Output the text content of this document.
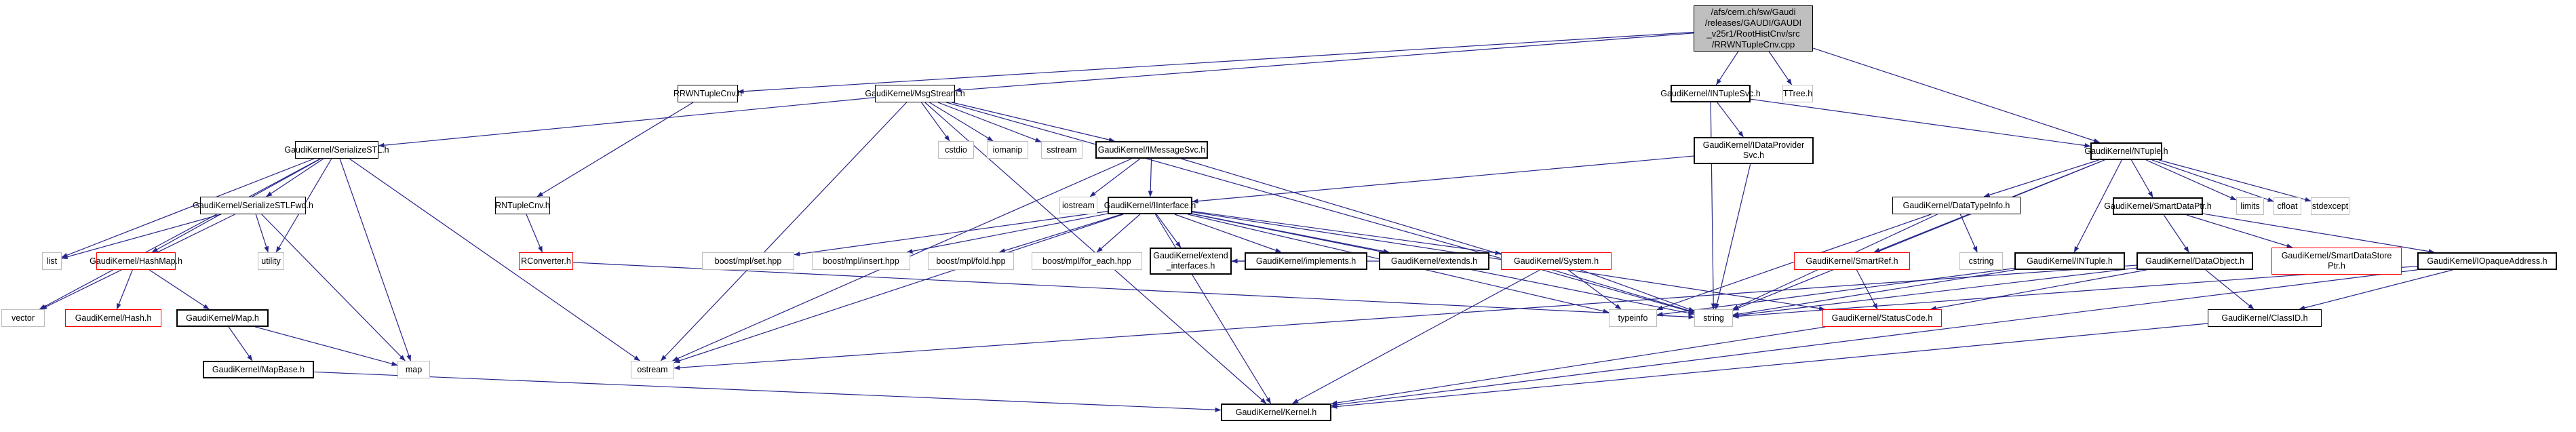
/afs/cern.ch/sw/Gaudi
/releases/GAUDI/GAUDI
_v25r1/RootHistCnv/src
/RRWNTupleCnv.cpp
RRWNTupleCnv.h	GaudiKernel/MsgStream.h	GaudiKernel/INTupleSvc.h	TTree.h
GaudiKernel/SerializeSTL.h	cstdio	iomanip	sstream GaudiKernel/IMessageSvc.h	GaudiKernel/IDataProvider
Svc.h	GaudiKernel/NTuple.h
GaudiKernel/SerializeSTLFwd.h	RNTupleCnv.h	iostream GaudiKernel/IInterface.h	GaudiKernel/DataTypeInfo.h	GaudiKernel/SmartDataPtr.h	limits cfloat stdexcept
list	GaudiKernel/HashMap.h	utility	RConverter.h	boost/mpl/set.hpp	boost/mpl/insert.hpp	boost/mpl/fold.hpp	boost/mpl/for_each.hpp
GaudiKernel/extend
_interfaces.h
GaudiKernel/implements.h	GaudiKernel/extends.h	GaudiKernel/System.h	GaudiKernel/SmartRef.h	cstring	GaudiKernel/INTuple.h	GaudiKernel/DataObject.h
GaudiKernel/SmartDataStore
Ptr.h
GaudiKernel/IOpaqueAddress.h
vector	GaudiKernel/Hash.h	GaudiKernel/Map.h	typeinfo	string	GaudiKernel/StatusCode.h	GaudiKernel/ClassID.h
GaudiKernel/MapBase.h	map	ostream
GaudiKernel/Kernel.h
